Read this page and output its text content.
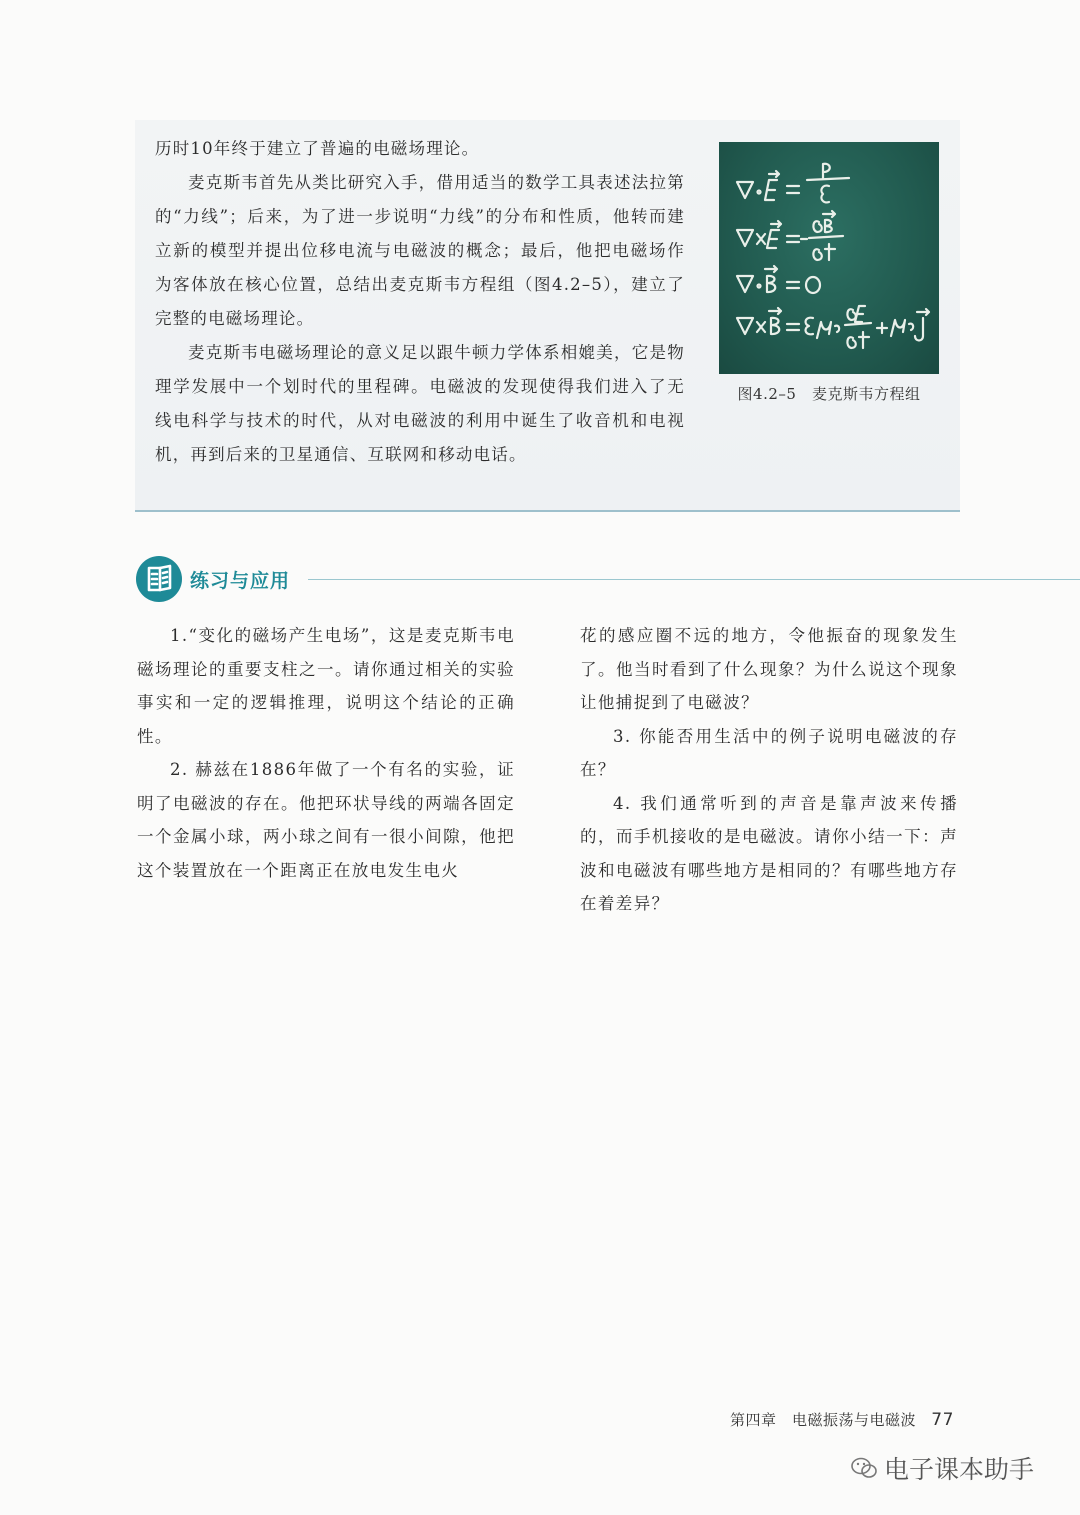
历时10年终于建立了普遍的电磁场理论。

麦克斯韦首先从类比研究入手，借用适当的数学工具表述法拉第的“力线”；后来，为了进一步说明“力线”的分布和性质，他转而建立新的模型并提出位移电流与电磁波的概念；最后，他把电磁场作为客体放在核心位置，总结出麦克斯韦方程组（图4.2–5），建立了完整的电磁场理论。

麦克斯韦电磁场理论的意义足以跟牛顿力学体系相媲美，它是物理学发展中一个划时代的里程碑。电磁波的发现使得我们进入了无线电科学与技术的时代，从对电磁波的利用中诞生了收音机和电视机，再到后来的卫星通信、互联网和移动电话。

图4.2–5　麦克斯韦方程组
练习与应用

1.“变化的磁场产生电场”，这是麦克斯韦电磁场理论的重要支柱之一。请你通过相关的实验事实和一定的逻辑推理，说明这个结论的正确性。

2. 赫兹在1886年做了一个有名的实验，证明了电磁波的存在。他把环状导线的两端各固定一个金属小球，两小球之间有一很小间隙，他把这个装置放在一个距离正在放电发生电火

花的感应圈不远的地方，令他振奋的现象发生了。他当时看到了什么现象？为什么说这个现象让他捕捉到了电磁波？

3. 你能否用生活中的例子说明电磁波的存在？

4. 我们通常听到的声音是靠声波来传播的，而手机接收的是电磁波。请你小结一下：声波和电磁波有哪些地方是相同的？有哪些地方存在着差异？

第四章　电磁振荡与电磁波 77
电子课本助手
